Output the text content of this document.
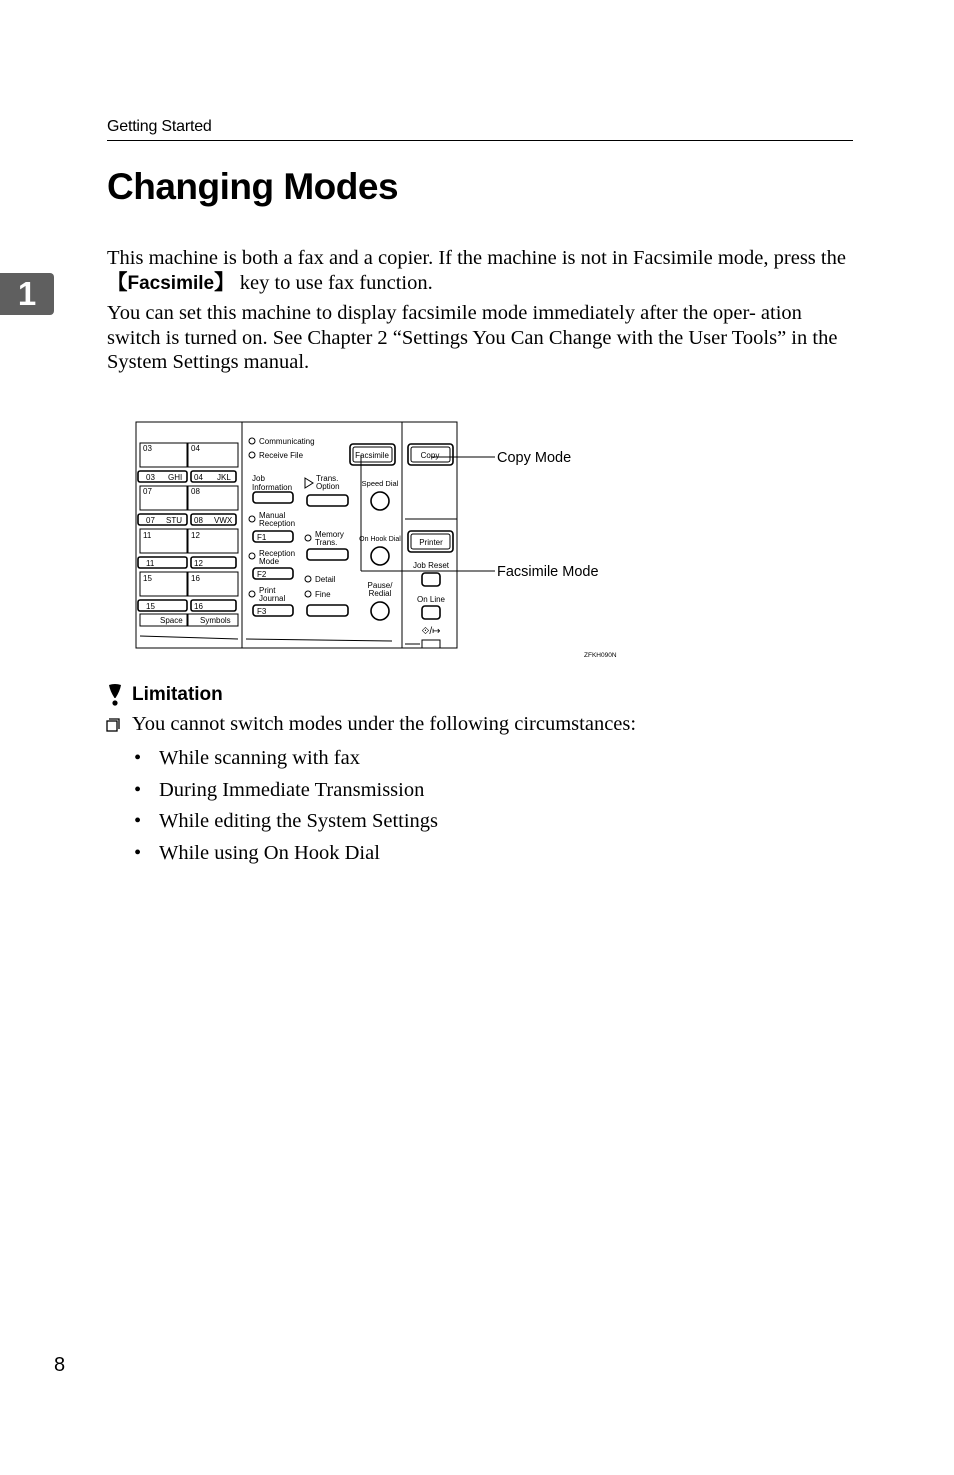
Getting Started
Changing Modes
1

This machine is both a fax and a copier. If the machine is not in Facsimile mode, press the 【Facsimile】 key to use fax function.

You can set this machine to display facsimile mode immediately after the oper- ation switch is turned on. See Chapter 2 “Settings You Can Change with the User Tools” in the System Settings manual.

03	04
03 GHI 04 JKL
07	08
07 STU 08 VWX
11	12
11	12
15	16
15	16
Space Symbols
Communicating
Receive File
Detail
Fine
Job
Information
Trans.
Option
Manual
Reception
Memory
Trans.
Reception
Mode
Print
Journal
F1
F2
F3
Facsimile	Copy
Speed Dial
On Hook Dial
Pause/
Redial
Printer
Job Reset
On Line
⟐/↦
Copy Mode
Facsimile Mode
ZFKH090N
Limitation
You cannot switch modes under the following circumstances:
• While scanning with fax
• During Immediate Transmission
• While editing the System Settings
• While using On Hook Dial
8
